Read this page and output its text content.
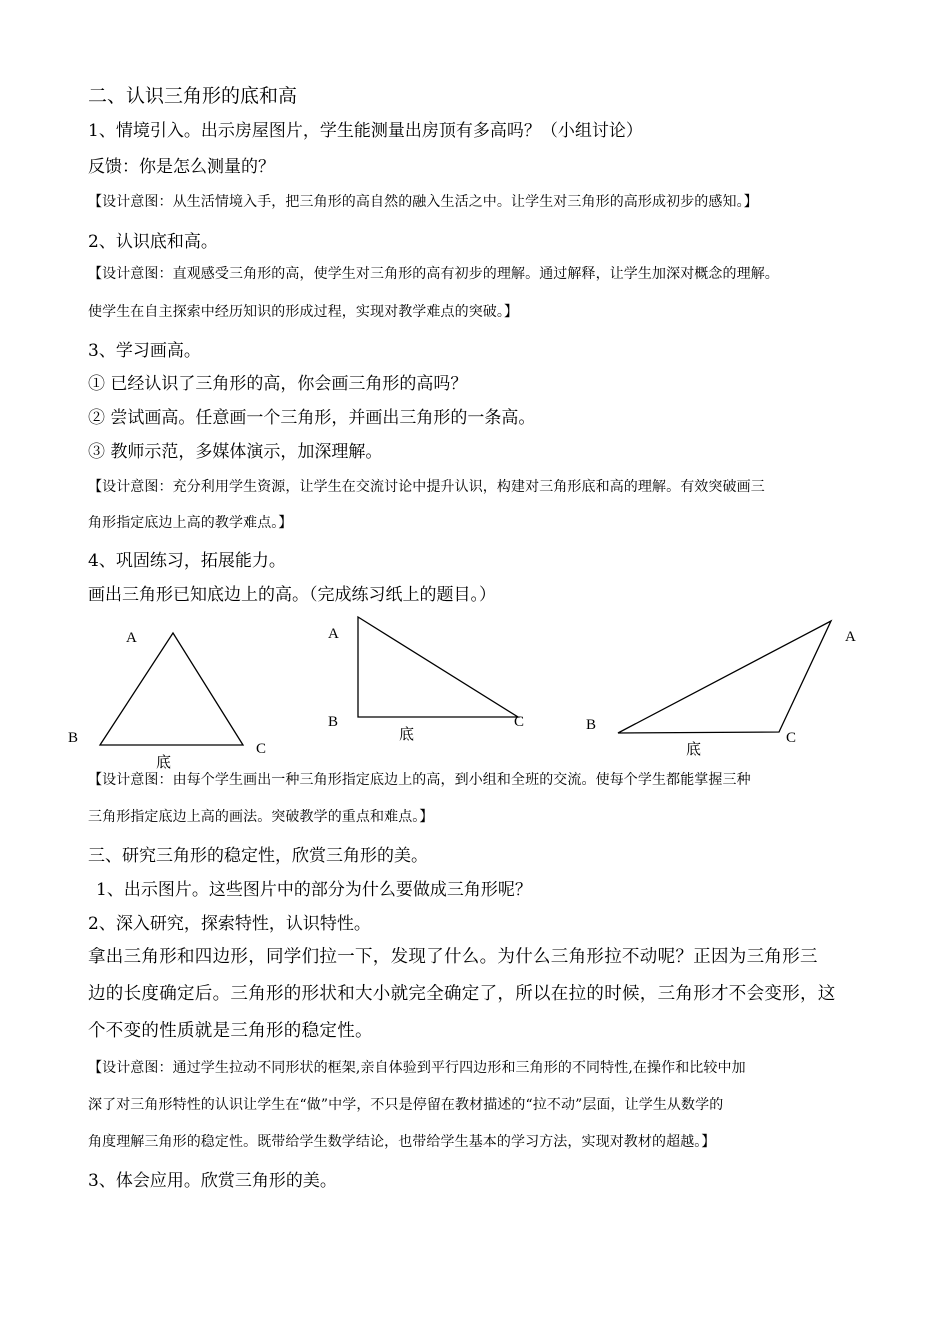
二、认识三角形的底和高
1、情境引入。出示房屋图片，学生能测量出房顶有多高吗？（小组讨论）
反馈：你是怎么测量的？
【设计意图：从生活情境入手，把三角形的高自然的融入生活之中。让学生对三角形的高形成初步的感知。】
2、认识底和高。
【设计意图：直观感受三角形的高，使学生对三角形的高有初步的理解。通过解释，让学生加深对概念的理解。
使学生在自主探索中经历知识的形成过程，实现对教学难点的突破。】
3、学习画高。
① 已经认识了三角形的高，你会画三角形的高吗？
② 尝试画高。任意画一个三角形，并画出三角形的一条高。
③ 教师示范，多媒体演示，加深理解。
【设计意图：充分利用学生资源，让学生在交流讨论中提升认识，构建对三角形底和高的理解。有效突破画三
角形指定底边上高的教学难点。】
4、巩固练习，拓展能力。
画出三角形已知底边上的高。（完成练习纸上的题目。）
A
B
C
底
A
B	C
底
A
B
C
底
【设计意图：由每个学生画出一种三角形指定底边上的高，到小组和全班的交流。使每个学生都能掌握三种
三角形指定底边上高的画法。突破教学的重点和难点。】
三、研究三角形的稳定性，欣赏三角形的美。
1、出示图片。这些图片中的部分为什么要做成三角形呢？
2、深入研究，探索特性，认识特性。
拿出三角形和四边形，同学们拉一下，发现了什么。为什么三角形拉不动呢？正因为三角形三
边的长度确定后。三角形的形状和大小就完全确定了，所以在拉的时候，三角形才不会变形，这
个不变的性质就是三角形的稳定性。
【设计意图：通过学生拉动不同形状的框架,亲自体验到平行四边形和三角形的不同特性,在操作和比较中加
深了对三角形特性的认识让学生在“做”中学，不只是停留在教材描述的“拉不动”层面，让学生从数学的
角度理解三角形的稳定性。既带给学生数学结论，也带给学生基本的学习方法，实现对教材的超越。】
3、体会应用。欣赏三角形的美。
